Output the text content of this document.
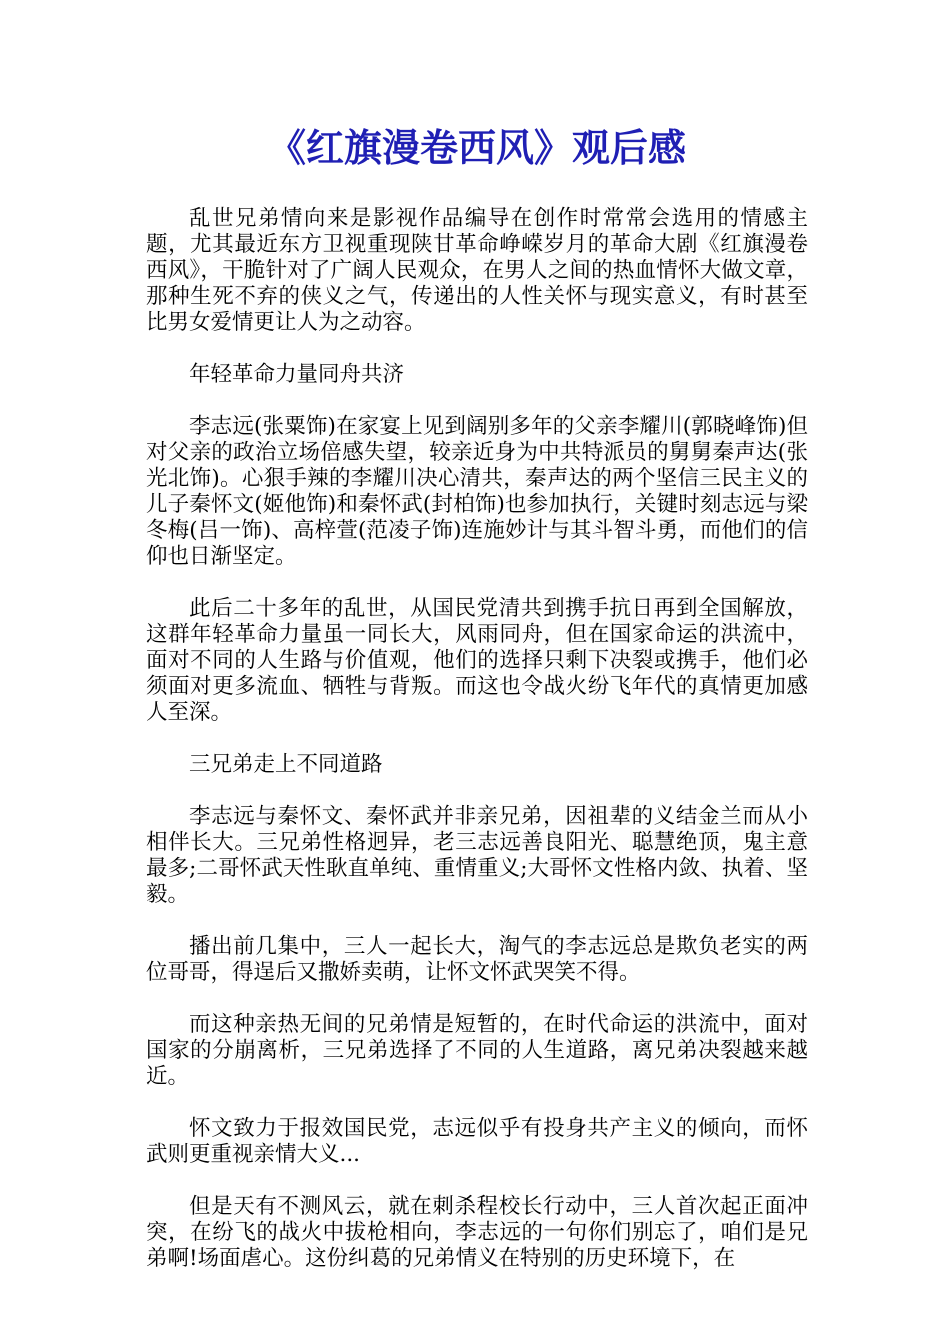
《红旗漫卷西风》观后感

乱世兄弟情向来是影视作品编导在创作时常常会选用的情感主题，尤其最近东方卫视重现陕甘革命峥嵘岁月的革命大剧《红旗漫卷西风》，干脆针对了广阔人民观众，在男人之间的热血情怀大做文章，那种生死不弃的侠义之气，传递出的人性关怀与现实意义，有时甚至比男女爱情更让人为之动容。

年轻革命力量同舟共济

李志远(张粟饰)在家宴上见到阔别多年的父亲李耀川(郭晓峰饰)但对父亲的政治立场倍感失望，较亲近身为中共特派员的舅舅秦声达(张光北饰)。心狠手辣的李耀川决心清共，秦声达的两个坚信三民主义的儿子秦怀文(姬他饰)和秦怀武(封柏饰)也参加执行，关键时刻志远与梁冬梅(吕一饰)、高梓萱(范凌子饰)连施妙计与其斗智斗勇，而他们的信仰也日渐坚定。

此后二十多年的乱世，从国民党清共到携手抗日再到全国解放，这群年轻革命力量虽一同长大，风雨同舟，但在国家命运的洪流中，面对不同的人生路与价值观，他们的选择只剩下决裂或携手，他们必须面对更多流血、牺牲与背叛。而这也令战火纷飞年代的真情更加感人至深。

三兄弟走上不同道路

李志远与秦怀文、秦怀武并非亲兄弟，因祖辈的义结金兰而从小相伴长大。三兄弟性格迥异，老三志远善良阳光、聪慧绝顶，鬼主意最多;二哥怀武天性耿直单纯、重情重义;大哥怀文性格内敛、执着、坚毅。

播出前几集中，三人一起长大，淘气的李志远总是欺负老实的两位哥哥，得逞后又撒娇卖萌，让怀文怀武哭笑不得。

而这种亲热无间的兄弟情是短暂的，在时代命运的洪流中，面对国家的分崩离析，三兄弟选择了不同的人生道路，离兄弟决裂越来越近。

怀文致力于报效国民党，志远似乎有投身共产主义的倾向，而怀武则更重视亲情大义...

但是天有不测风云，就在刺杀程校长行动中，三人首次起正面冲突，在纷飞的战火中拔枪相向，李志远的一句你们别忘了，咱们是兄弟啊!场面虐心。这份纠葛的兄弟情义在特别的历史环境下，在
